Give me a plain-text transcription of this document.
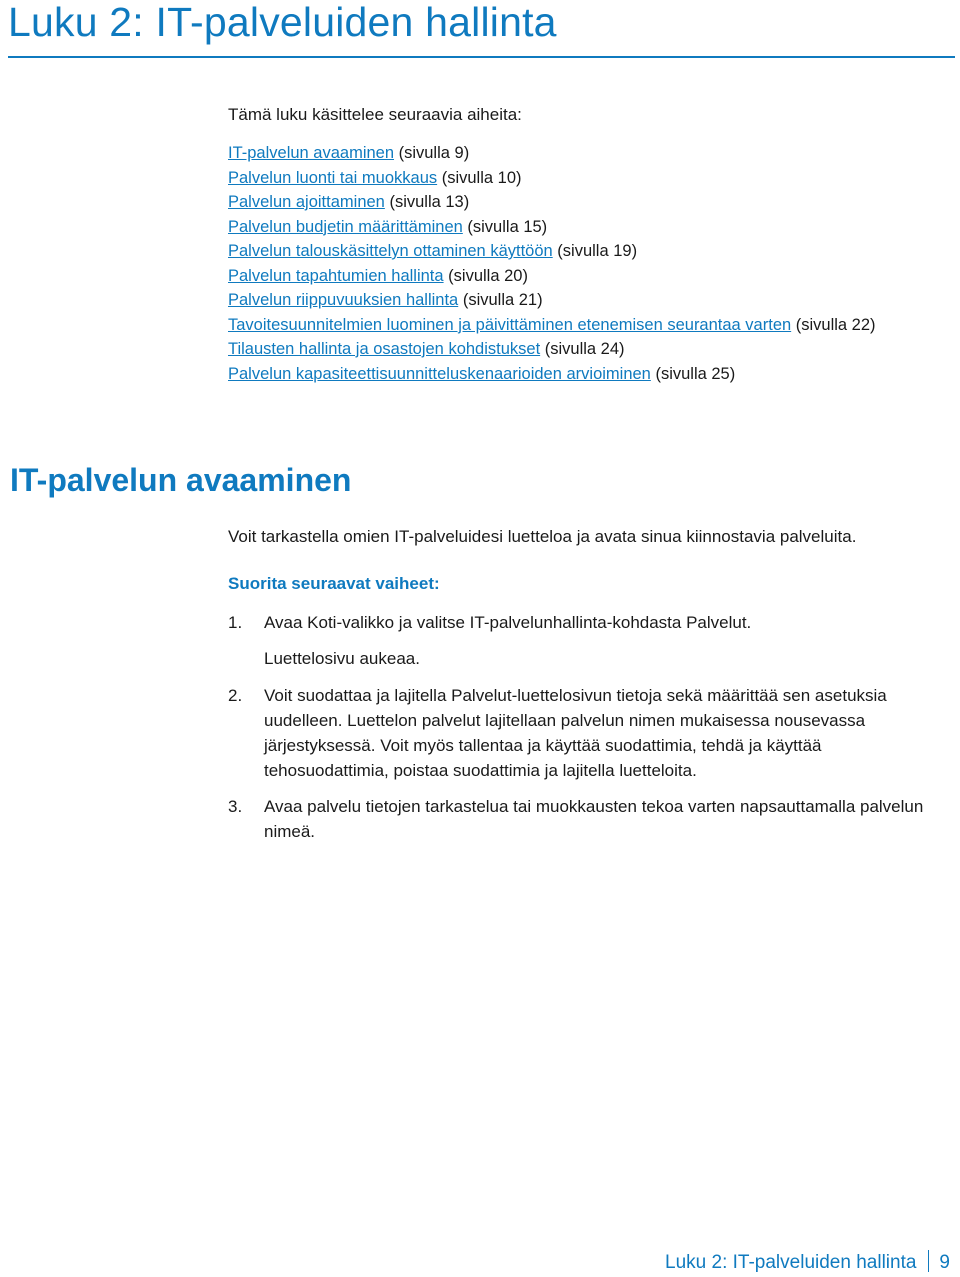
Luku 2: IT-palveluiden hallinta
Tämä luku käsittelee seuraavia aiheita:
IT-palvelun avaaminen (sivulla 9)
Palvelun luonti tai muokkaus (sivulla 10)
Palvelun ajoittaminen (sivulla 13)
Palvelun budjetin määrittäminen (sivulla 15)
Palvelun talouskäsittelyn ottaminen käyttöön (sivulla 19)
Palvelun tapahtumien hallinta (sivulla 20)
Palvelun riippuvuuksien hallinta (sivulla 21)
Tavoitesuunnitelmien luominen ja päivittäminen etenemisen seurantaa varten (sivulla 22)
Tilausten hallinta ja osastojen kohdistukset (sivulla 24)
Palvelun kapasiteettisuunnitteluskenaarioiden arvioiminen (sivulla 25)
IT-palvelun avaaminen
Voit tarkastella omien IT-palveluidesi luetteloa ja avata sinua kiinnostavia palveluita.
Suorita seuraavat vaiheet:
1. Avaa Koti-valikko ja valitse IT-palvelunhallinta-kohdasta Palvelut.
Luettelosivu aukeaa.
2. Voit suodattaa ja lajitella Palvelut-luettelosivun tietoja sekä määrittää sen asetuksia uudelleen. Luettelon palvelut lajitellaan palvelun nimen mukaisessa nousevassa järjestyksessä. Voit myös tallentaa ja käyttää suodattimia, tehdä ja käyttää tehosuodattimia, poistaa suodattimia ja lajitella luetteloita.
3. Avaa palvelu tietojen tarkastelua tai muokkausten tekoa varten napsauttamalla palvelun nimeä.
Luku 2: IT-palveluiden hallinta 9
